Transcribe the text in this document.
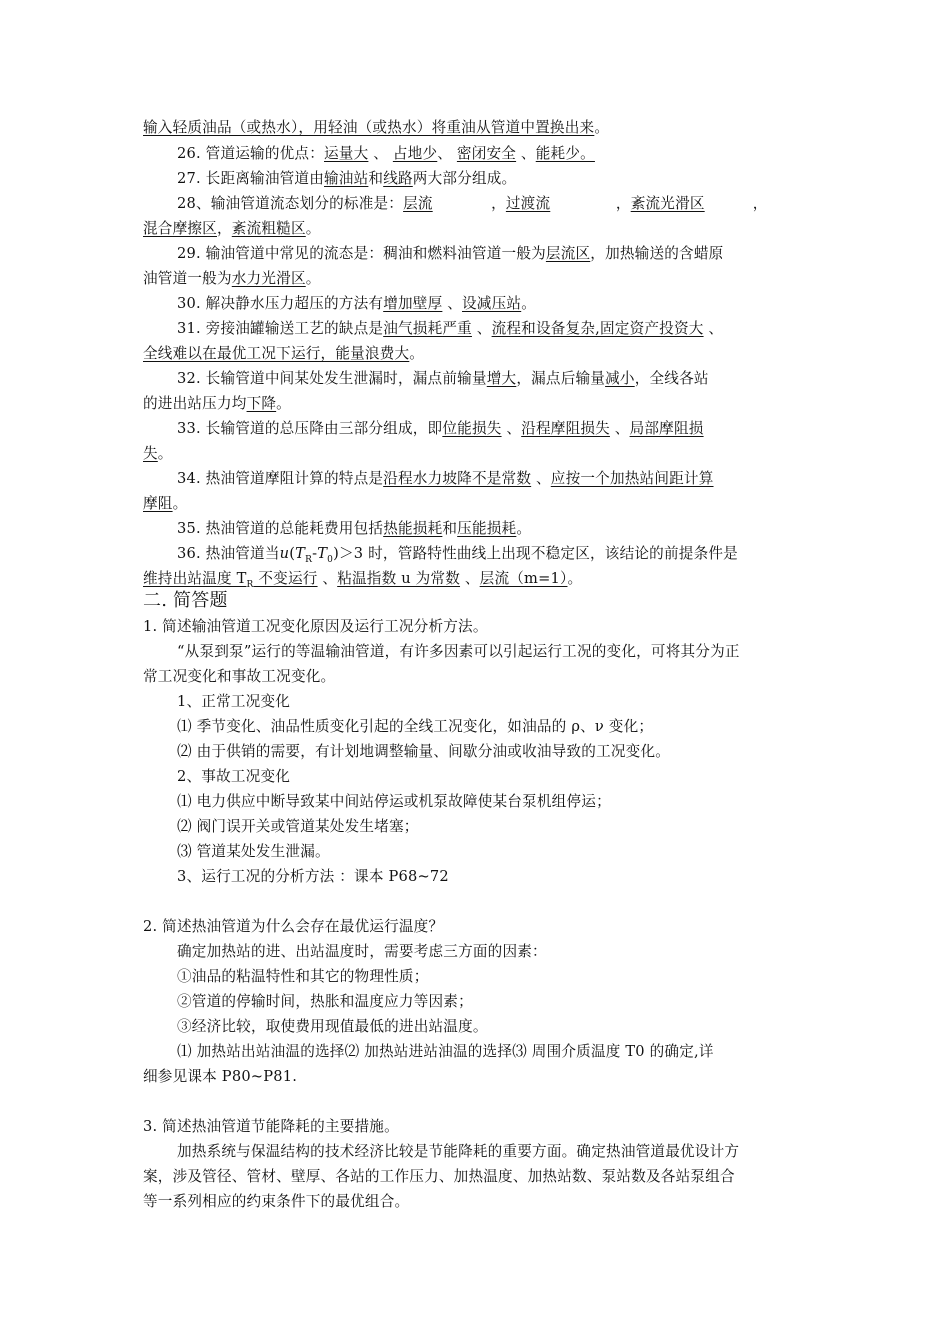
输入轻质油品（或热水），用轻油（或热水）将重油从管道中置换出来。
26. 管道运输的优点：运量大 、 占地少、 密闭安全 、能耗少。
27. 长距离输油管道由输油站和线路两大部分组成。
28、输油管道流态划分的标准是：层流	，过渡流	，紊流光滑区	，
混合摩擦区，紊流粗糙区。
29. 输油管道中常见的流态是：稠油和燃料油管道一般为层流区，加热输送的含蜡原
油管道一般为水力光滑区。
30. 解决静水压力超压的方法有增加壁厚 、设减压站。
31. 旁接油罐输送工艺的缺点是油气损耗严重 、流程和设备复杂,固定资产投资大 、
全线难以在最优工况下运行，能量浪费大。
32. 长输管道中间某处发生泄漏时，漏点前输量增大，漏点后输量减小，全线各站
的进出站压力均下降。
33. 长输管道的总压降由三部分组成，即位能损失 、沿程摩阻损失 、局部摩阻损
失。
34. 热油管道摩阻计算的特点是沿程水力坡降不是常数 、应按一个加热站间距计算
摩阻。
35. 热油管道的总能耗费用包括热能损耗和压能损耗。
36. 热油管道当$u(T_R-T_0)>3$ 时，管路特性曲线上出现不稳定区，该结论的前提条件是
维持出站温度 $T_R$ 不变运行 、粘温指数 u 为常数 、层流（m=1）。
二. 简答题
1. 简述输油管道工况变化原因及运行工况分析方法。
“从泵到泵”运行的等温输油管道，有许多因素可以引起运行工况的变化，可将其分为正
常工况变化和事故工况变化。
1、正常工况变化
⑴ 季节变化、油品性质变化引起的全线工况变化，如油品的 ρ、ν 变化；
⑵ 由于供销的需要，有计划地调整输量、间歇分油或收油导致的工况变化。
2、事故工况变化
⑴ 电力供应中断导致某中间站停运或机泵故障使某台泵机组停运；
⑵ 阀门误开关或管道某处发生堵塞；
⑶ 管道某处发生泄漏。
3、运行工况的分析方法 ：课本 P68~72
2. 简述热油管道为什么会存在最优运行温度？
确定加热站的进、出站温度时，需要考虑三方面的因素：
①油品的粘温特性和其它的物理性质；
②管道的停输时间，热胀和温度应力等因素；
③经济比较，取使费用现值最低的进出站温度。
⑴ 加热站出站油温的选择⑵ 加热站进站油温的选择⑶ 周围介质温度 T0 的确定,详
细参见课本 P80~P81.
3. 简述热油管道节能降耗的主要措施。
加热系统与保温结构的技术经济比较是节能降耗的重要方面。确定热油管道最优设计方
案，涉及管径、管材、壁厚、各站的工作压力、加热温度、加热站数、泵站数及各站泵组合
等一系列相应的约束条件下的最优组合。
